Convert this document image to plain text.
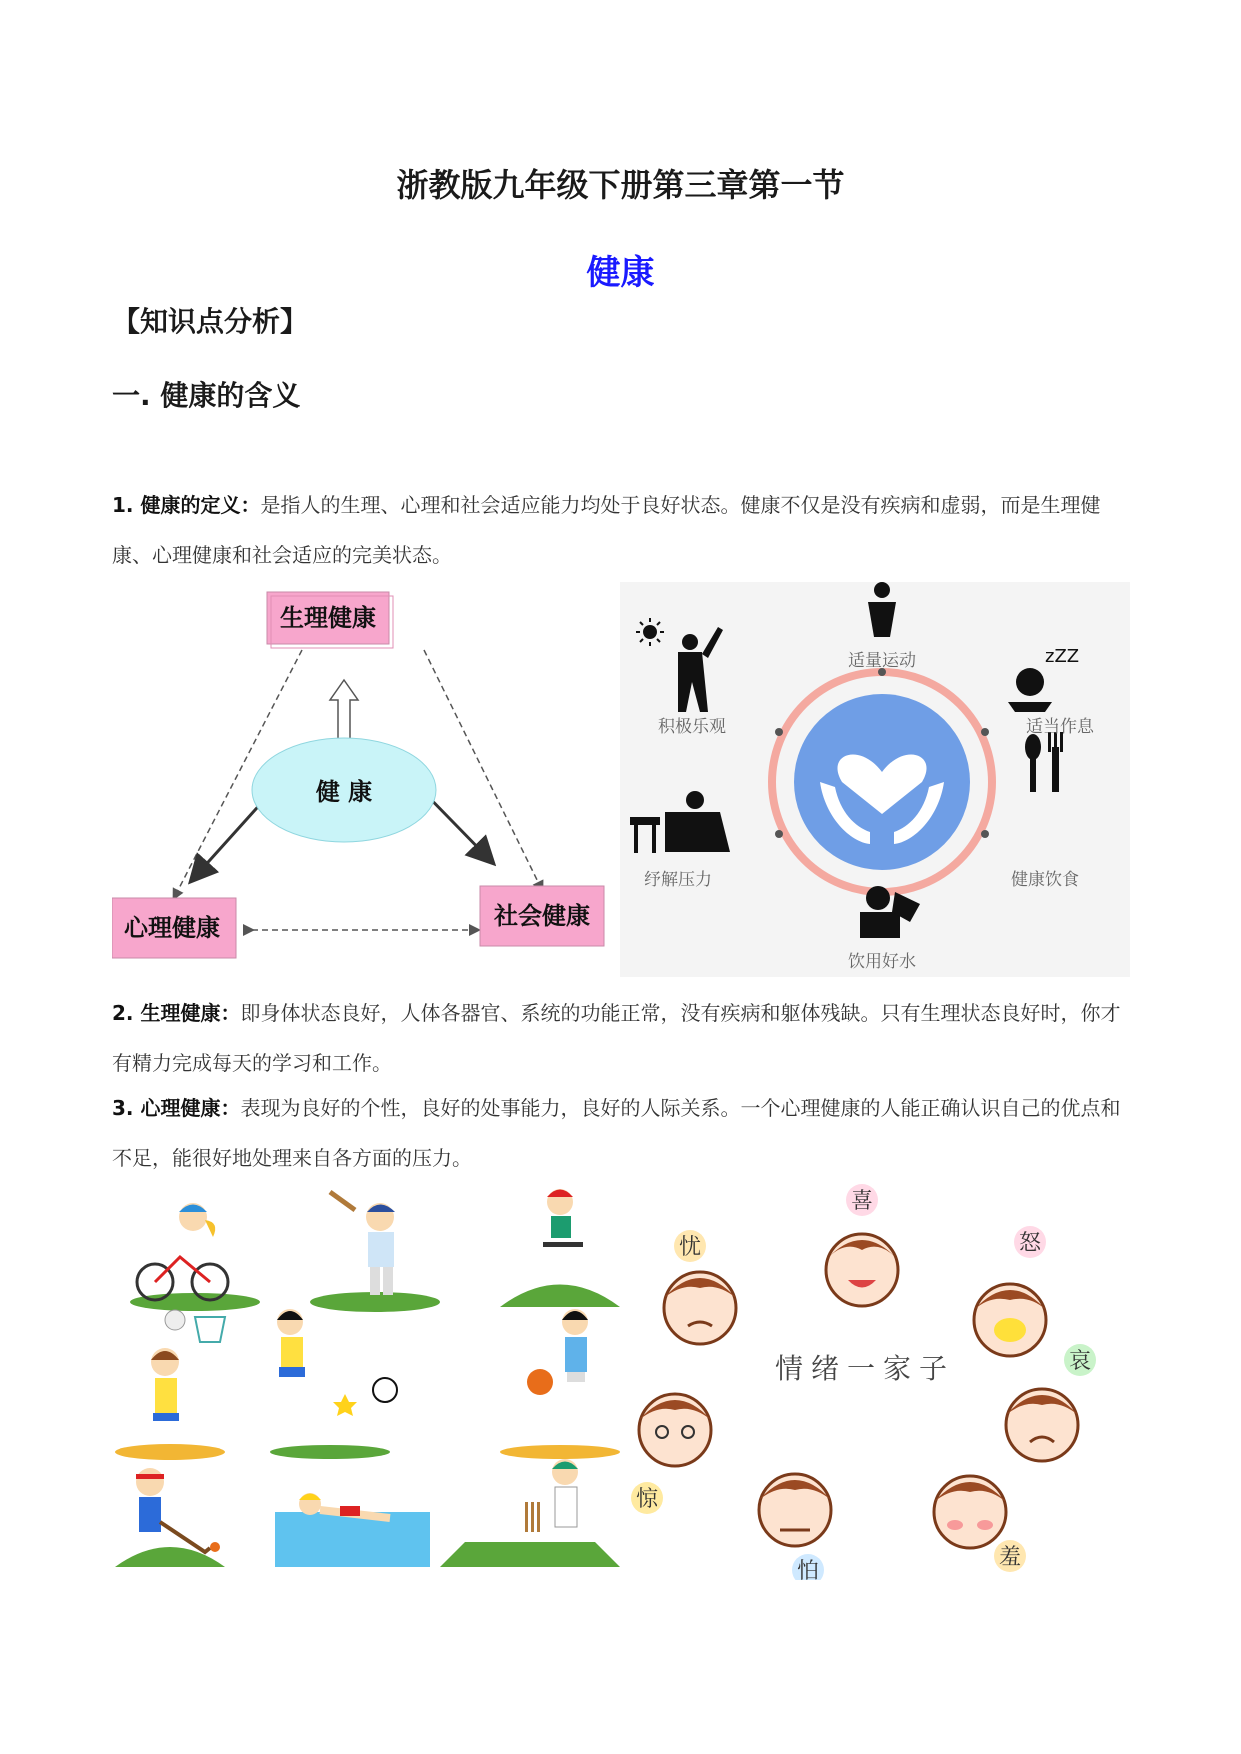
浙教版九年级下册第三章第一节
健康
【知识点分析】
一. 健康的含义
1. 健康的定义：是指人的生理、心理和社会适应能力均处于良好状态。健康不仅是没有疾病和虚弱，而是生理健康、心理健康和社会适应的完美状态。
健 康
生理健康
心理健康	社会健康
zZZ
适量运动
适当作息
健康饮食
饮用好水
纾解压力
积极乐观
2. 生理健康：即身体状态良好，人体各器官、系统的功能正常，没有疾病和躯体残缺。只有生理状态良好时，你才有精力完成每天的学习和工作。
3. 心理健康：表现为良好的个性，良好的处事能力，良好的人际关系。一个心理健康的人能正确认识自己的优点和不足，能很好地处理来自各方面的压力。
情绪一家子
喜
怒
哀
羞
怕
惊
忧
